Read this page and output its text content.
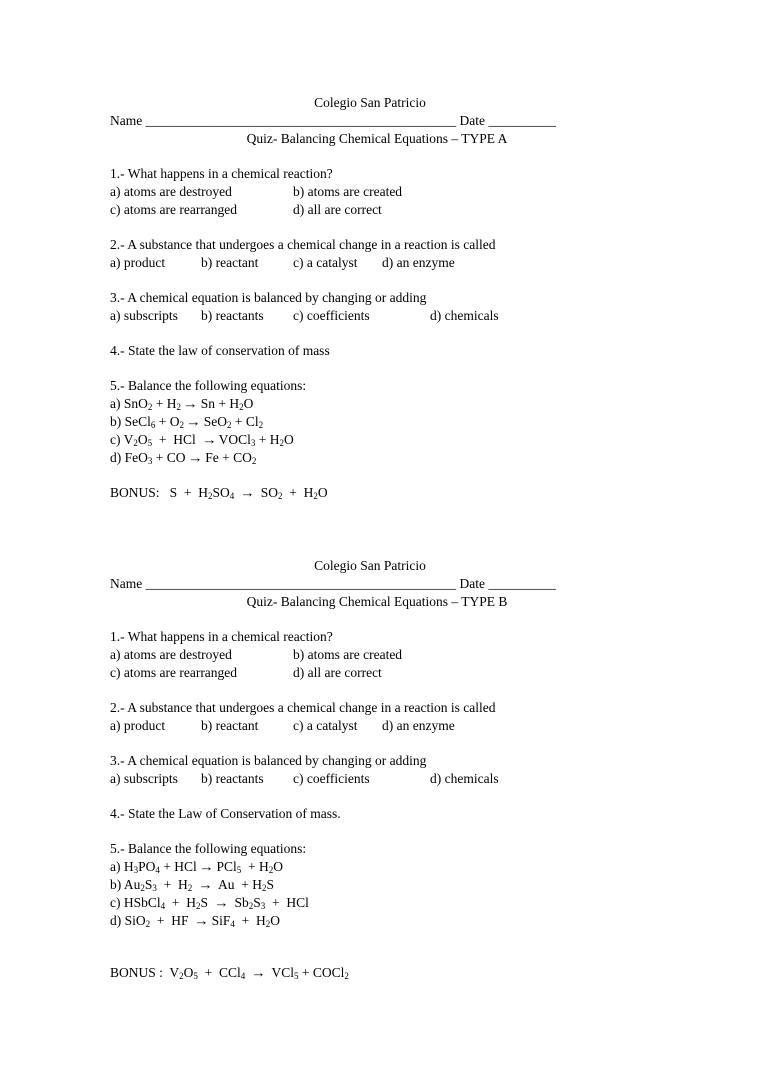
Colegio San Patricio
Name ______________________________________________ Date __________
Quiz- Balancing Chemical Equations – TYPE A
1.- What happens in a chemical reaction?
a) atoms are destroyed	b) atoms are created
c) atoms are rearranged	d) all are correct
2.- A substance that undergoes a chemical change in a reaction is called
a) product	b) reactant	c) a catalyst d) an enzyme
3.- A chemical equation is balanced by changing or adding
a) subscripts b) reactants c) coefficients	d) chemicals
4.- State the law of conservation of mass
5.- Balance the following equations:
a) $SnO_2 + H_2 \to Sn + H_2O$
b) SeCl$_6$ + $O_2 \to SeO_2 + Cl_2$
c) $V_2O_5$  +  HCl  → VOCl$_3$ + $H_2O$
d) FeO$_3$ + CO → $Fe + CO_2$
BONUS: $S + H_2SO_4 \to SO_2 + H_2O$
Colegio San Patricio
Name ______________________________________________ Date __________
Quiz- Balancing Chemical Equations – TYPE B
1.- What happens in a chemical reaction?
a) atoms are destroyed	b) atoms are created
c) atoms are rearranged	d) all are correct
2.- A substance that undergoes a chemical change in a reaction is called
a) product	b) reactant	c) a catalyst d) an enzyme
3.- A chemical equation is balanced by changing or adding
a) subscripts b) reactants c) coefficients	d) chemicals
4.- State the Law of Conservation of mass.
5.- Balance the following equations:
a) $H_3PO_4$ + HCl → $PCl_5 + H_2O$
b) $Au_2S_3 + H_2 \to Au + H_2S$
c) HSbCl$_4$  +  $H_2S \to Sb_2S_3$  +  HCl
d) SiO$_2$  +  HF  → $SiF_4 + H_2O$
BONUS : $V_2O_5 + CCl_4 \to VCl_5$ + COCl$_2$
